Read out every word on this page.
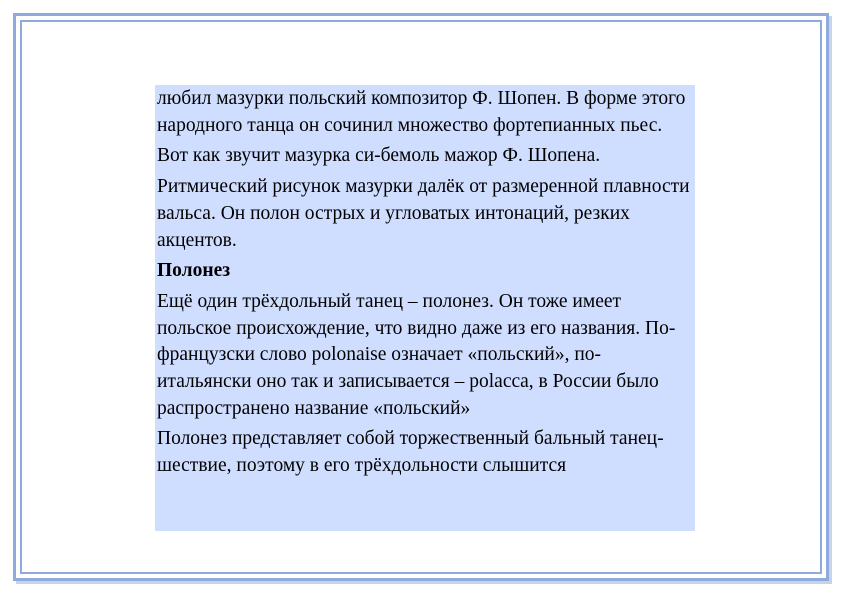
любил мазурки польский композитор Ф. Шопен. В форме этого народного танца он сочинил множество фортепианных пьес.

Вот как звучит мазурка си-бемоль мажор Ф. Шопена.

Ритмический рисунок мазурки далёк от размеренной плавности вальса. Он полон острых и угловатых интонаций, резких акцентов.

Полонез

Ещё один трёхдольный танец – полонез. Он тоже имеет польское происхождение, что видно даже из его названия. По-французски слово polonaise означает «польский», по-итальянски оно так и записывается – polacca, в России было распространено название «польский»

Полонез представляет собой торжественный бальный танец-шествие, поэтому в его трёхдольности слышится
